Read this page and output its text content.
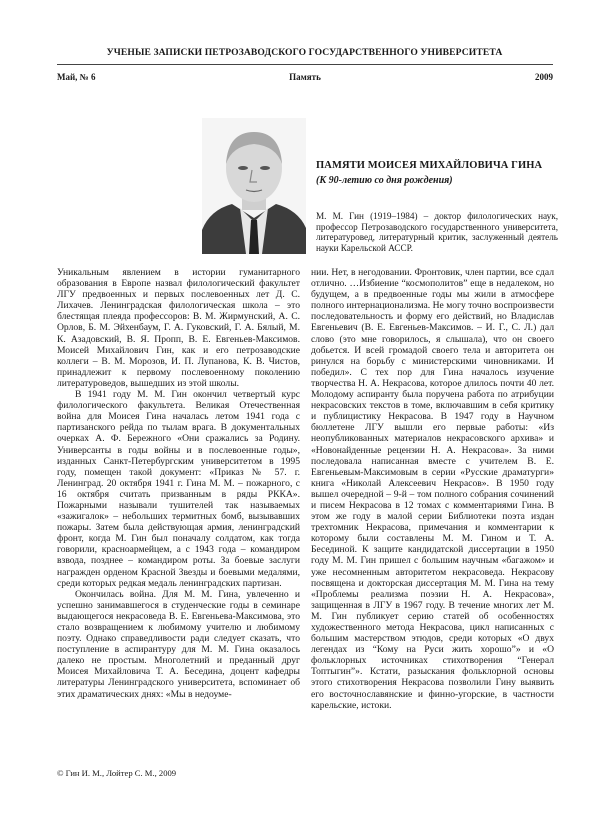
УЧЕНЫЕ ЗАПИСКИ ПЕТРОЗАВОДСКОГО ГОСУДАРСТВЕННОГО УНИВЕРСИТЕТА
Май, № 6	Память	2009
ПАМЯТИ МОИСЕЯ МИХАЙЛОВИЧА ГИНА
(К 90-летию со дня рождения)
М. М. Гин (1919–1984) – доктор филологических наук, профессор Петрозаводского государственного университета, литературовед, литературный критик, заслуженный деятель науки Карельской АССР.

Уникальным явлением в истории гуманитарного образования в Европе назвал филологический факультет ЛГУ предвоенных и первых послевоенных лет Д. С. Лихачев. Ленинградская филологическая школа – это блестящая плеяда профессоров: В. М. Жирмунский, А. С. Орлов, Б. М. Эйхенбаум, Г. А. Гуковский, Г. А. Бялый, М. К. Азадовский, В. Я. Пропп, В. Е. Евгеньев-Максимов. Моисей Михайлович Гин, как и его петрозаводские коллеги – В. М. Морозов, И. П. Лупанова, К. В. Чистов, принадлежит к первому послевоенному поколению литературоведов, вышедших из этой школы.

В 1941 году М. М. Гин окончил четвертый курс филологического факультета. Великая Отечественная война для Моисея Гина началась летом 1941 года с партизанского рейда по тылам врага. В документальных очерках А. Ф. Бережного «Они сражались за Родину. Универсанты в годы войны и в послевоенные годы», изданных Санкт-Петербургским университетом в 1995 году, помещен такой документ: «Приказ № 57. г. Ленинград. 20 октября 1941 г. Гина М. М. – пожарного, с 16 октября считать призванным в ряды РККА». Пожарными называли тушителей так называемых «зажигалок» – небольших термитных бомб, вызывавших пожары. Затем была действующая армия, ленинградский фронт, когда М. Гин был поначалу солдатом, как тогда говорили, красноармейцем, а с 1943 года – командиром взвода, позднее – командиром роты. За боевые заслуги награжден орденом Красной Звезды и боевыми медалями, среди которых редкая медаль ленинградских партизан.

Окончилась война. Для М. М. Гина, увлеченно и успешно занимавшегося в студенческие годы в семинаре выдающегося некрасоведа В. Е. Евгеньева-Максимова, это стало возвращением к любимому учителю и любимому поэту. Однако справедливости ради следует сказать, что поступление в аспирантуру для М. М. Гина оказалось далеко не простым. Многолетний и преданный друг Моисея Михайловича Т. А. Беседина, доцент кафедры литературы Ленинградского университета, вспоминает об этих драматических днях: «Мы в недоуме-

нии. Нет, в негодовании. Фронтовик, член партии, все сдал отлично. …Избиение “космополитов” еще в недалеком, но будущем, а в предвоенные годы мы жили в атмосфере полного интернационализма. Не могу точно воспроизвести последовательность и форму его действий, но Владислав Евгеньевич (В. Е. Евгеньев-Максимов. – И. Г., С. Л.) дал слово (это мне говорилось, я слышала), что он своего добьется. И всей громадой своего тела и авторитета он ринулся на борьбу с министерскими чиновниками. И победил». С тех пор для Гина началось изучение творчества Н. А. Некрасова, которое длилось почти 40 лет. Молодому аспиранту была поручена работа по атрибуции некрасовских текстов в томе, включавшим в себя критику и публицистику Некрасова. В 1947 году в Научном бюллетене ЛГУ вышли его первые работы: «Из неопубликованных материалов некрасовского архива» и «Новонайденные рецензии Н. А. Некрасова». За ними последовала написанная вместе с учителем В. Е. Евгеньевым-Максимовым в серии «Русские драматурги» книга «Николай Алексеевич Некрасов». В 1950 году вышел очередной – 9-й – том полного собрания сочинений и писем Некрасова в 12 томах с комментариями Гина. В этом же году в малой серии Библиотеки поэта издан трехтомник Некрасова, примечания и комментарии к которому были составлены М. М. Гином и Т. А. Бесединой. К защите кандидатской диссертации в 1950 году М. М. Гин пришел с большим научным «багажом» и уже несомненным авторитетом некрасоведа. Некрасову посвящена и докторская диссертация М. М. Гина на тему «Проблемы реализма поэзии Н. А. Некрасова», защищенная в ЛГУ в 1967 году. В течение многих лет М. М. Гин публикует серию статей об особенностях художественного метода Некрасова, цикл написанных с большим мастерством этюдов, среди которых «О двух легендах из “Кому на Руси жить хорошо”» и «О фольклорных источниках стихотворения “Генерал Топтыгин”». Кстати, разыскания фольклорной основы этого стихотворения Некрасова позволили Гину выявить его восточнославянские и финно-угорские, в частности карельские, истоки.

© Гин И. М., Лойтер С. М., 2009
